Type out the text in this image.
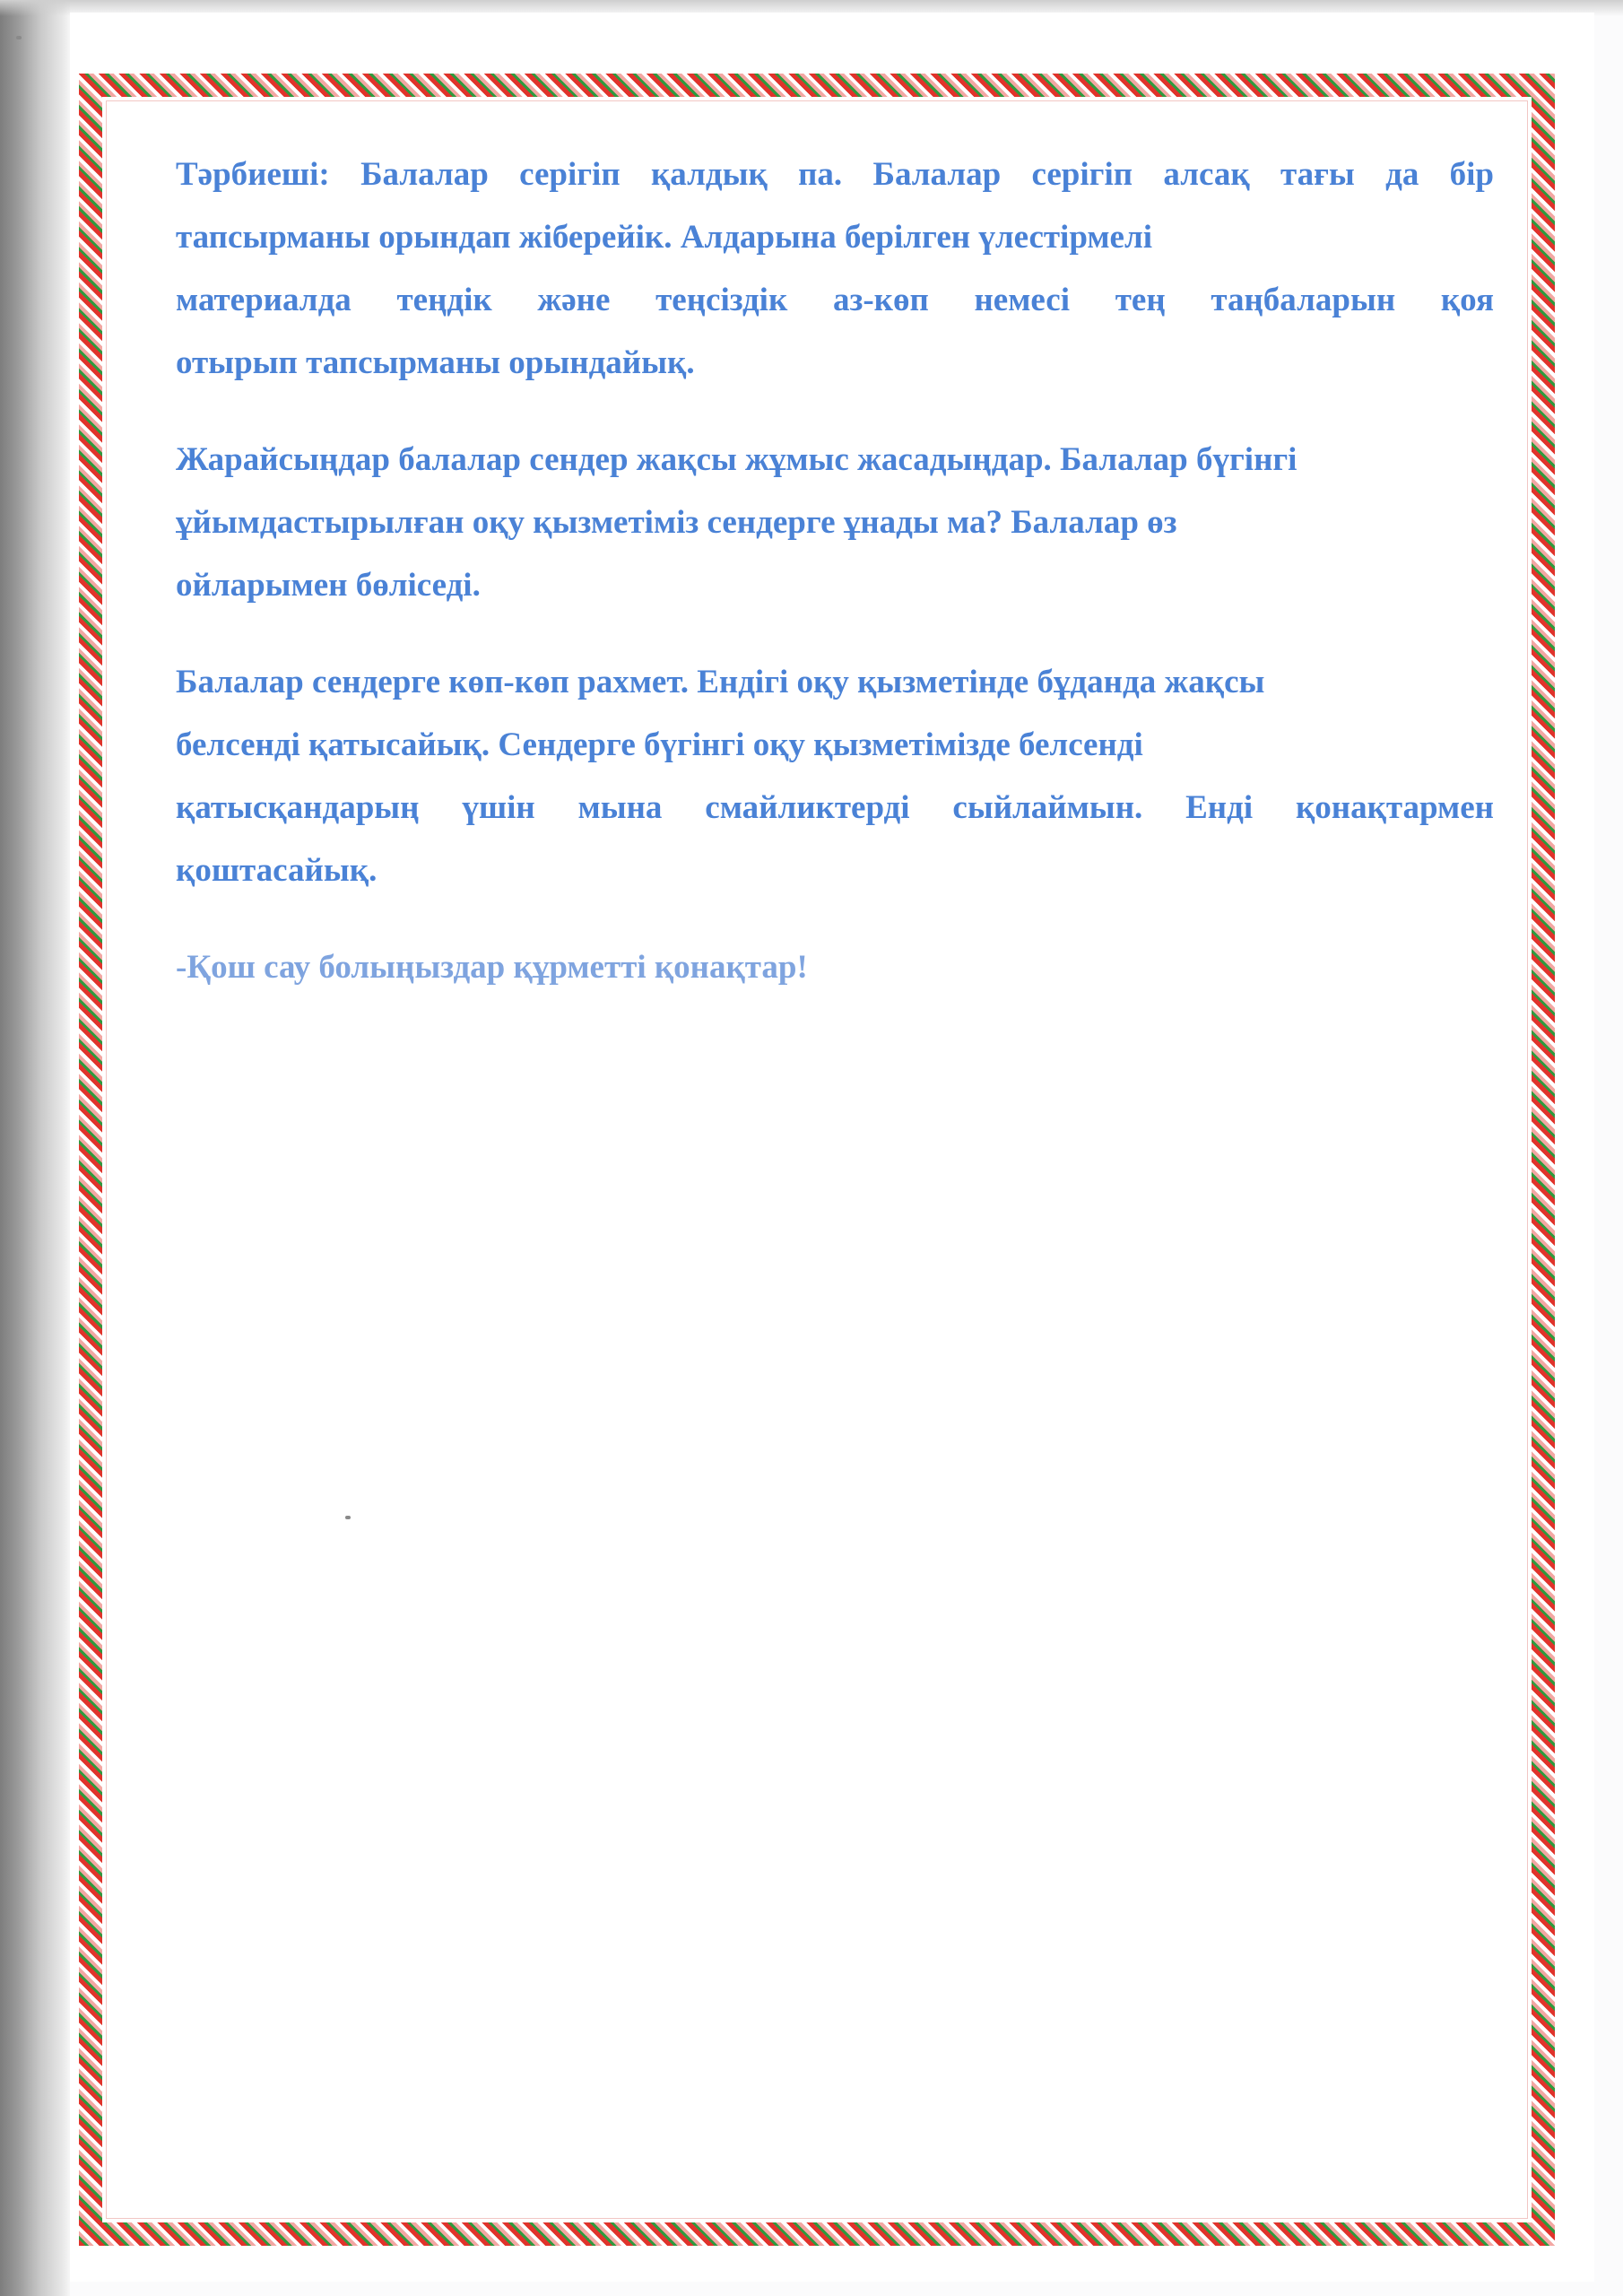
Тәрбиеші: Балалар серігіп қалдық па. Балалар серігіп алсақ тағы да бір
тапсырманы орындап жіберейік. Алдарына берілген үлестірмелі
материалда теңдік және теңсіздік аз-көп немесі тең таңбаларын қоя
отырып тапсырманы орындайық.
Жарайсыңдар балалар сендер жақсы жұмыс жасадыңдар. Балалар бүгінгі
ұйымдастырылған оқу қызметіміз сендерге ұнады ма? Балалар өз
ойларымен бөліседі.
Балалар сендерге көп-көп рахмет. Ендігі оқу қызметінде бұданда жақсы
белсенді қатысайық. Сендерге бүгінгі оқу қызметімізде белсенді
қатысқандарың үшін мына смайликтерді сыйлаймын. Енді қонақтармен
қоштасайық.
-Қош сау болыңыздар құрметті қонақтар!
